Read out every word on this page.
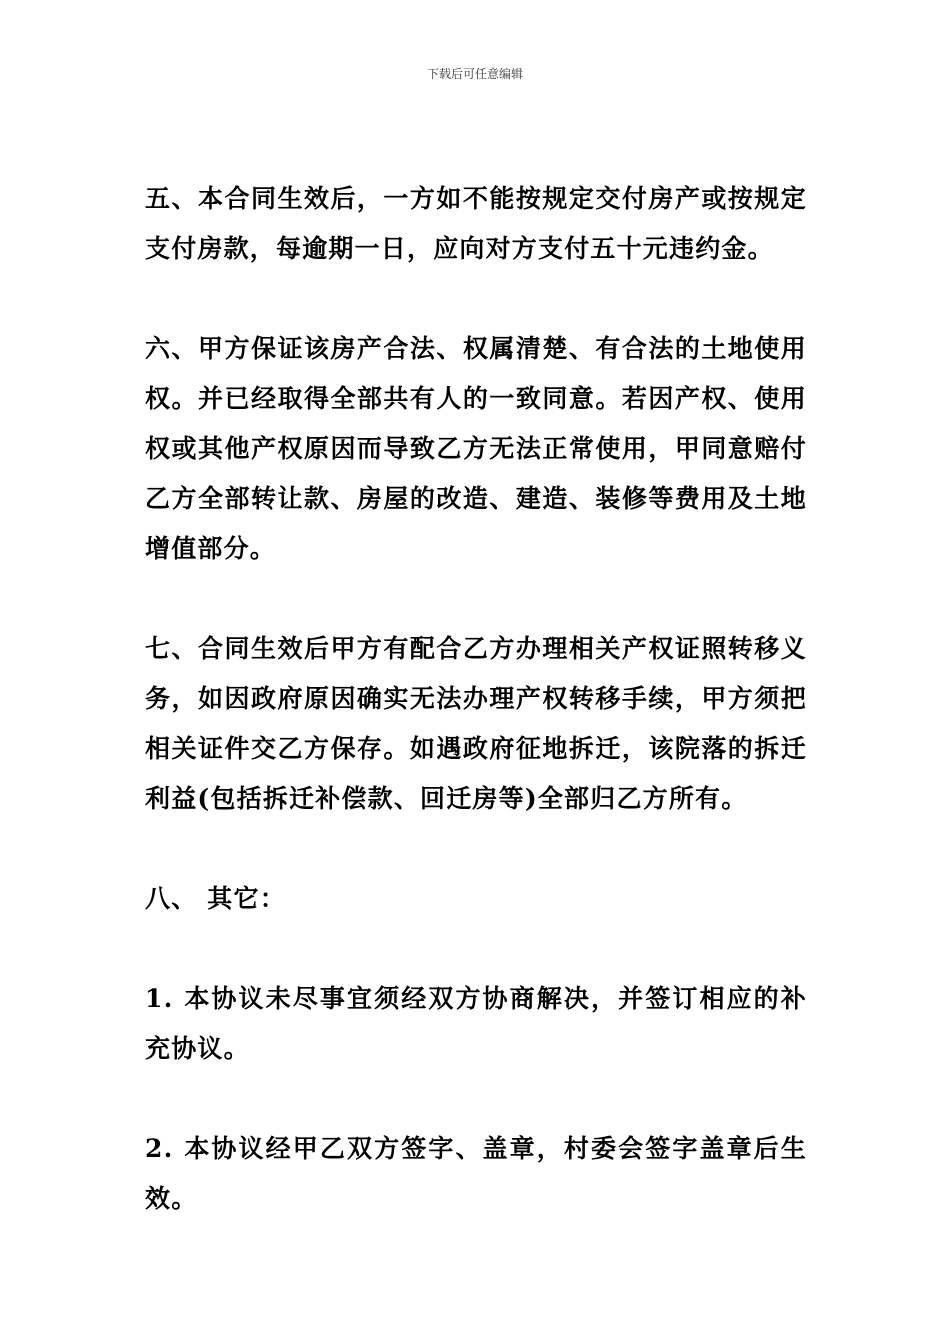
下载后可任意编辑

五、本合同生效后，一方如不能按规定交付房产或按规定支付房款，每逾期一日，应向对方支付五十元违约金。

六、甲方保证该房产合法、权属清楚、有合法的土地使用权。并已经取得全部共有人的一致同意。若因产权、使用权或其他产权原因而导致乙方无法正常使用，甲同意赔付乙方全部转让款、房屋的改造、建造、装修等费用及土地增值部分。

七、合同生效后甲方有配合乙方办理相关产权证照转移义务，如因政府原因确实无法办理产权转移手续，甲方须把相关证件交乙方保存。如遇政府征地拆迁，该院落的拆迁利益(包括拆迁补偿款、回迁房等)全部归乙方所有。

八、 其它：

1. 本协议未尽事宜须经双方协商解决，并签订相应的补充协议。

2. 本协议经甲乙双方签字、盖章，村委会签字盖章后生效。
